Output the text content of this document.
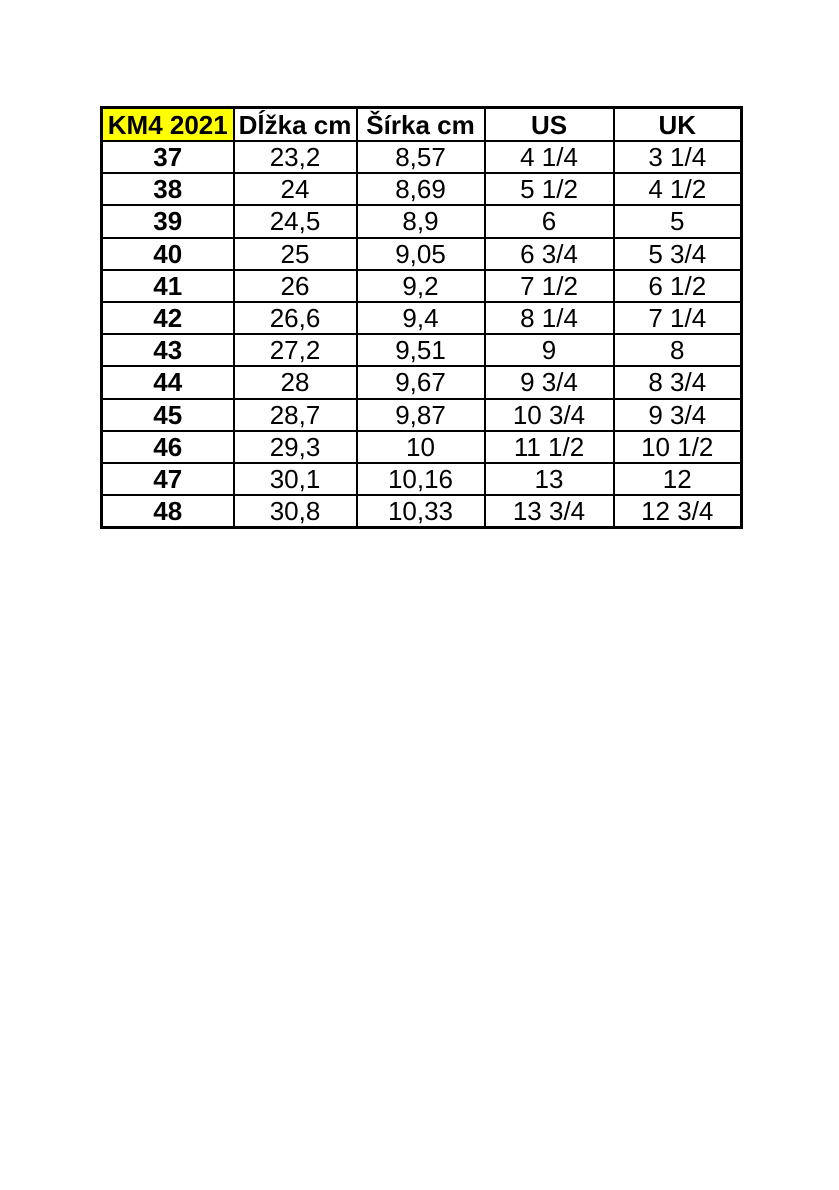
KM4 2021	Dĺžka cm	Šírka cm	US	UK
37	23,2	8,57	4 1/4	3 1/4
38	24	8,69	5 1/2	4 1/2
39	24,5	8,9	6	5
40	25	9,05	6 3/4	5 3/4
41	26	9,2	7 1/2	6 1/2
42	26,6	9,4	8 1/4	7 1/4
43	27,2	9,51	9	8
44	28	9,67	9 3/4	8 3/4
45	28,7	9,87	10 3/4	9 3/4
46	29,3	10	11 1/2	10 1/2
47	30,1	10,16	13	12
48	30,8	10,33	13 3/4	12 3/4
